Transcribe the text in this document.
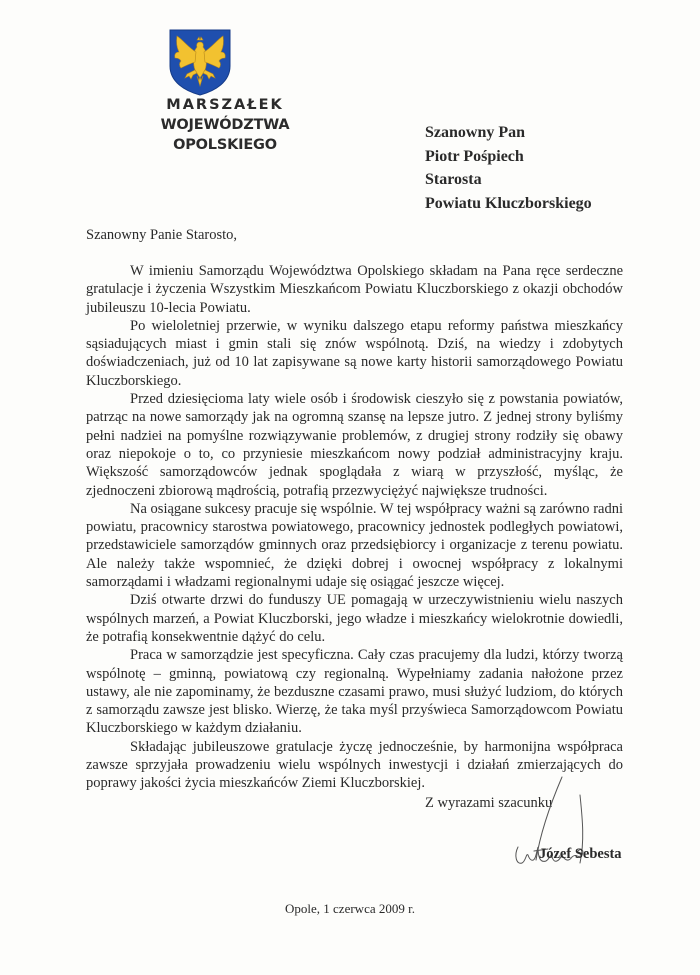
MARSZAŁEK
WOJEWÓDZTWA OPOLSKIEGO
Szanowny Pan
Piotr Pośpiech
Starosta
Powiatu Kluczborskiego
Szanowny Panie Starosto,

W imieniu Samorządu Województwa Opolskiego składam na Pana ręce serdeczne gratulacje i życzenia Wszystkim Mieszkańcom Powiatu Kluczborskiego z okazji obchodów jubileuszu 10-lecia Powiatu.

Po wieloletniej przerwie, w wyniku dalszego etapu reformy państwa mieszkańcy sąsiadujących miast i gmin stali się znów wspólnotą. Dziś, na wiedzy i zdobytych doświadczeniach, już od 10 lat zapisywane są nowe karty historii samorządowego Powiatu Kluczborskiego.

Przed dziesięcioma laty wiele osób i środowisk cieszyło się z powstania powiatów, patrząc na nowe samorządy jak na ogromną szansę na lepsze jutro. Z jednej strony byliśmy pełni nadziei na pomyślne rozwiązywanie problemów, z drugiej strony rodziły się obawy oraz niepokoje o to, co przyniesie mieszkańcom nowy podział administracyjny kraju. Większość samorządowców jednak spoglądała z wiarą w przyszłość, myśląc, że zjednoczeni zbiorową mądrością, potrafią przezwyciężyć największe trudności.

Na osiągane sukcesy pracuje się wspólnie. W tej współpracy ważni są zarówno radni powiatu, pracownicy starostwa powiatowego, pracownicy jednostek podległych powiatowi, przedstawiciele samorządów gminnych oraz przedsiębiorcy i organizacje z terenu powiatu. Ale należy także wspomnieć, że dzięki dobrej i owocnej współpracy z lokalnymi samorządami i władzami regionalnymi udaje się osiągać jeszcze więcej.

Dziś otwarte drzwi do funduszy UE pomagają w urzeczywistnieniu wielu naszych wspólnych marzeń, a Powiat Kluczborski, jego władze i mieszkańcy wielokrotnie dowiedli, że potrafią konsekwentnie dążyć do celu.

Praca w samorządzie jest specyficzna. Cały czas pracujemy dla ludzi, którzy tworzą wspólnotę – gminną, powiatową czy regionalną. Wypełniamy zadania nałożone przez ustawy, ale nie zapominamy, że bezduszne czasami prawo, musi służyć ludziom, do których z samorządu zawsze jest blisko. Wierzę, że taka myśl przyświeca Samorządowcom Powiatu Kluczborskiego w każdym działaniu.

Składając jubileuszowe gratulacje życzę jednocześnie, by harmonijna współpraca zawsze sprzyjała prowadzeniu wielu wspólnych inwestycji i działań zmierzających do poprawy jakości życia mieszkańców Ziemi Kluczborskiej.

Z wyrazami szacunku
Józef Sebesta
Opole, 1 czerwca 2009 r.
